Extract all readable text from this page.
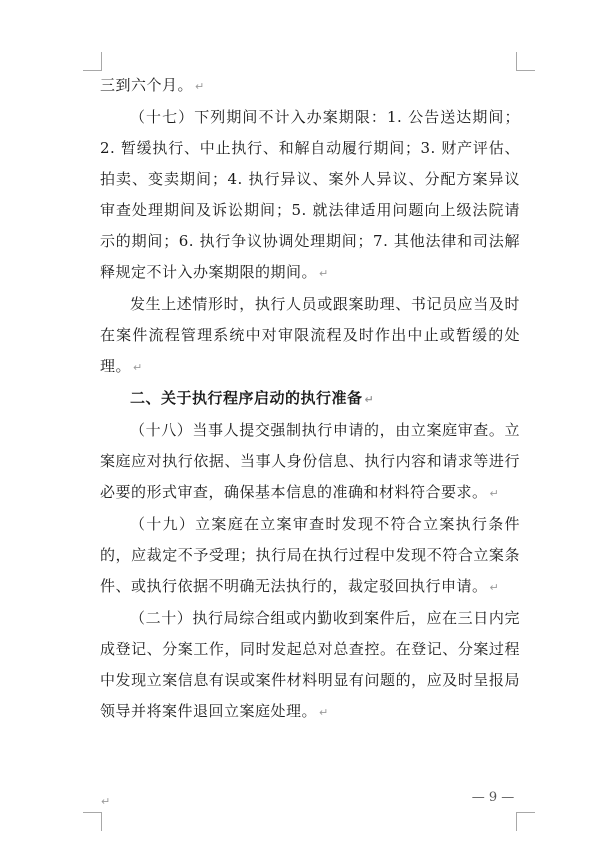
三到六个月。 ↵

（十七）下列期间不计入办案期限：1. 公告送达期间；2. 暂缓执行、中止执行、和解自动履行期间；3. 财产评估、拍卖、变卖期间；4. 执行异议、案外人异议、分配方案异议审查处理期间及诉讼期间；5. 就法律适用问题向上级法院请示的期间；6. 执行争议协调处理期间；7. 其他法律和司法解释规定不计入办案期限的期间。 ↵

发生上述情形时，执行人员或跟案助理、书记员应当及时在案件流程管理系统中对审限流程及时作出中止或暂缓的处理。 ↵

二、关于执行程序启动的执行准备 ↵

（十八）当事人提交强制执行申请的，由立案庭审查。立案庭应对执行依据、当事人身份信息、执行内容和请求等进行必要的形式审查，确保基本信息的准确和材料符合要求。 ↵

（十九）立案庭在立案审查时发现不符合立案执行条件的，应裁定不予受理；执行局在执行过程中发现不符合立案条件、或执行依据不明确无法执行的，裁定驳回执行申请。 ↵

（二十）执行局综合组或内勤收到案件后，应在三日内完成登记、分案工作，同时发起总对总查控。在登记、分案过程中发现立案信息有误或案件材料明显有问题的，应及时呈报局领导并将案件退回立案庭处理。 ↵

↵	— 9 —
